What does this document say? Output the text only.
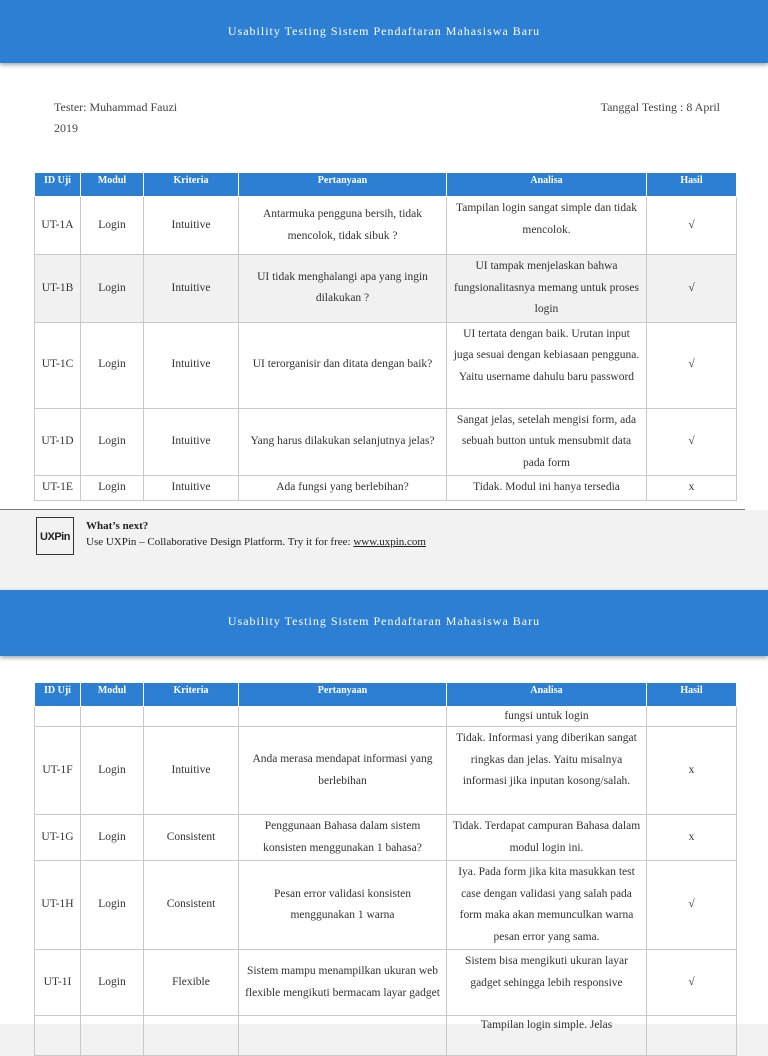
Usability Testing Sistem Pendaftaran Mahasiswa Baru
Tester: Muhammad Fauzi
2019
Tanggal Testing : 8 April
ID Uji	Modul	Kriteria	Pertanyaan	Analisa	Hasil
UT-1A	Login	Intuitive	Antarmuka pengguna bersih, tidak mencolok, tidak sibuk ?	Tampilan login sangat simple dan tidak mencolok.	√
UT-1B	Login	Intuitive	UI tidak menghalangi apa yang ingin dilakukan ?	UI tampak menjelaskan bahwa fungsionalitasnya memang untuk proses login	√
UT-1C	Login	Intuitive	UI terorganisir dan ditata dengan baik?	UI tertata dengan baik. Urutan input juga sesuai dengan kebiasaan pengguna. Yaitu username dahulu baru password	√
UT-1D	Login	Intuitive	Yang harus dilakukan selanjutnya jelas?	Sangat jelas, setelah mengisi form, ada sebuah button untuk mensubmit data pada form	√
UT-1E	Login	Intuitive	Ada fungsi yang berlebihan?	Tidak. Modul ini hanya tersedia	x
UXPin
What’s next?
Use UXPin – Collaborative Design Platform. Try it for free: www.uxpin.com
Usability Testing Sistem Pendaftaran Mahasiswa Baru
ID Uji	Modul	Kriteria	Pertanyaan	Analisa	Hasil
				fungsi untuk login	
UT-1F	Login	Intuitive	Anda merasa mendapat informasi yang berlebihan	Tidak. Informasi yang diberikan sangat ringkas dan jelas. Yaitu misalnya informasi jika inputan kosong/salah.	x
UT-1G	Login	Consistent	Penggunaan Bahasa dalam sistem konsisten menggunakan 1 bahasa?	Tidak. Terdapat campuran Bahasa dalam modul login ini.	x
UT-1H	Login	Consistent	Pesan error validasi konsisten menggunakan 1 warna	Iya. Pada form jika kita masukkan test case dengan validasi yang salah pada form maka akan memunculkan warna pesan error yang sama.	√
UT-1I	Login	Flexible	Sistem mampu menampilkan ukuran web flexible mengikuti bermacam layar gadget	Sistem bisa mengikuti ukuran layar gadget sehingga lebih responsive	√
				Tampilan login simple. Jelas	
